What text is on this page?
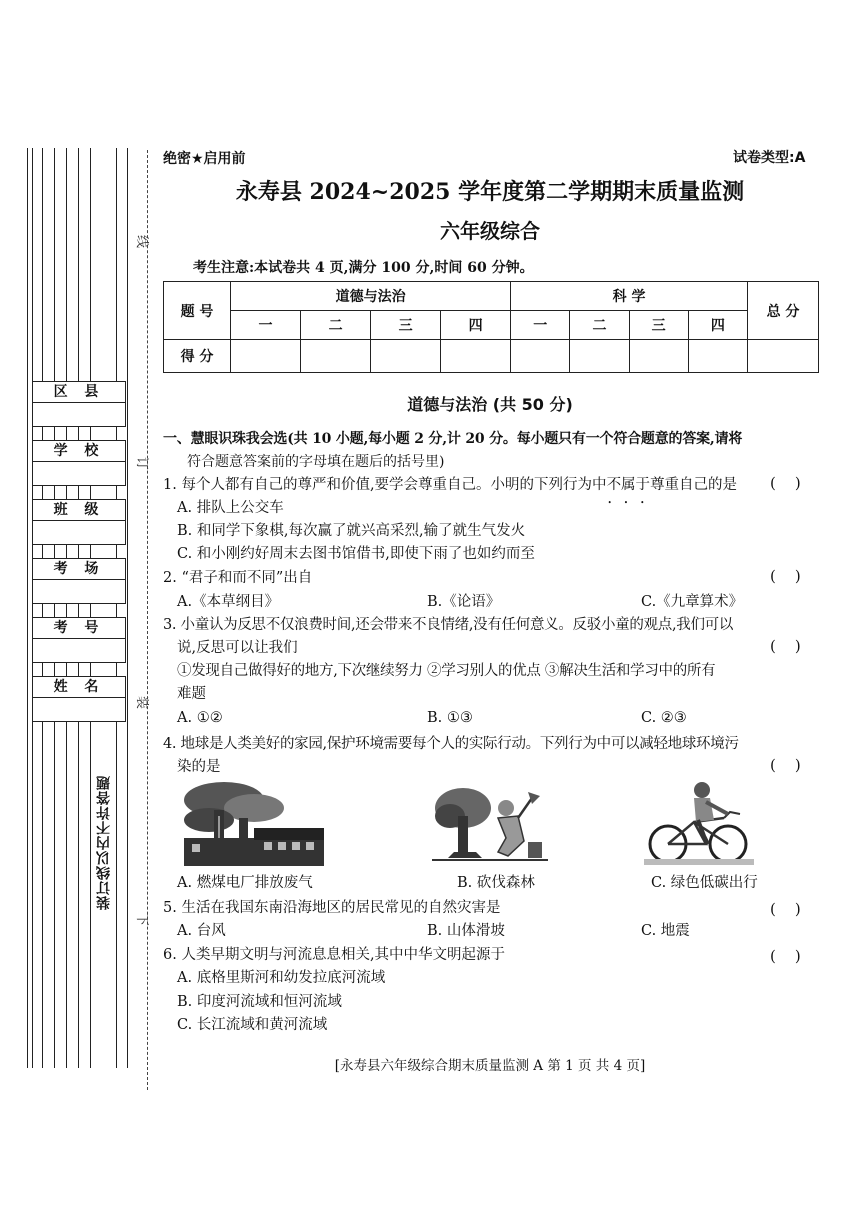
区 县
学 校
班 级
考 场
考 号
姓 名
线
订
装
下
装订线以内不许答题
绝密★启用前	试卷类型:A
永寿县 2024~2025 学年度第二学期期末质量监测
六年级综合
考生注意:本试卷共 4 页,满分 100 分,时间 60 分钟。
题 号	道德与法治				科 学				总 分
	一	二	三	四	一	二	三	四	
得 分									
道德与法治 (共 50 分)
一、慧眼识珠我会选(共 10 小题,每小题 2 分,计 20 分。每小题只有一个符合题意的答案,请将
符合题意答案前的字母填在题后的括号里)
1. 每个人都有自己的尊严和价值,要学会尊重自己。小明的下列行为中不属于 • • •尊重自己的是 (    )
A. 排队上公交车
B. 和同学下象棋,每次赢了就兴高采烈,输了就生气发火
C. 和小刚约好周末去图书馆借书,即使下雨了也如约而至
2. “君子和而不同”出自	(    )
A.《本草纲目》	B.《论语》	C.《九章算术》
3. 小童认为反思不仅浪费时间,还会带来不良情绪,没有任何意义。反驳小童的观点,我们可以
说,反思可以让我们	(    )
①发现自己做得好的地方,下次继续努力 ②学习别人的优点 ③解决生活和学习中的所有
难题
A. ①②	B. ①③	C. ②③
4. 地球是人类美好的家园,保护环境需要每个人的实际行动。下列行为中可以减轻地球环境污
染的是	(    )
A. 燃煤电厂排放废气	B. 砍伐森林	C. 绿色低碳出行
5. 生活在我国东南沿海地区的居民常见的自然灾害是	(    )
A. 台风	B. 山体滑坡	C. 地震
6. 人类早期文明与河流息息相关,其中中华文明起源于	(    )
A. 底格里斯河和幼发拉底河流域
B. 印度河流域和恒河流域
C. 长江流域和黄河流域
[永寿县六年级综合期末质量监测 A 第 1 页 共 4 页]
